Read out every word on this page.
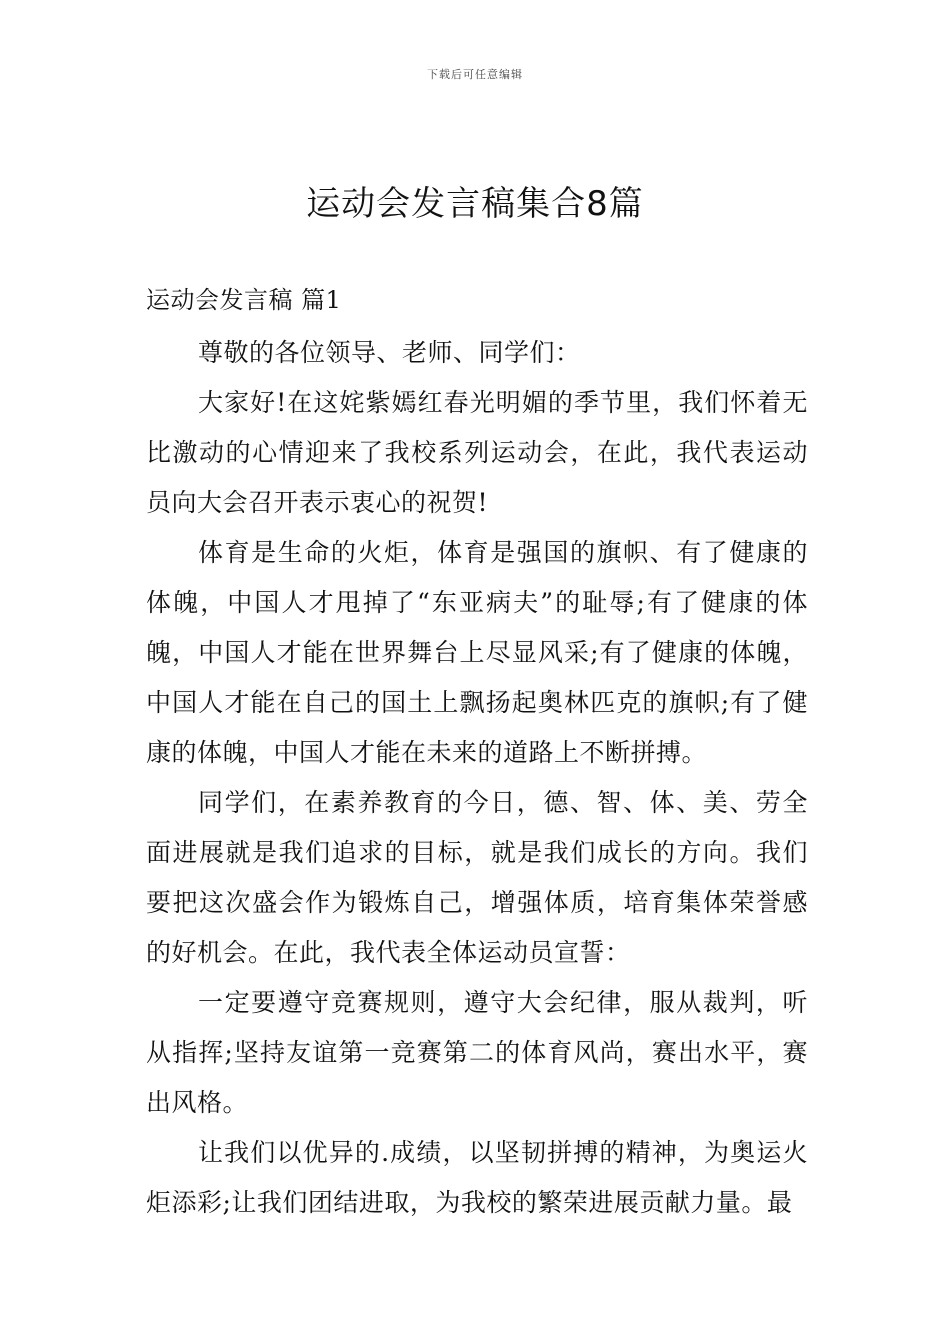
下载后可任意编辑
运动会发言稿集合8篇
运动会发言稿 篇1

尊敬的各位领导、老师、同学们：

大家好!在这姹紫嫣红春光明媚的季节里，我们怀着无比激动的心情迎来了我校系列运动会，在此，我代表运动员向大会召开表示衷心的祝贺!

体育是生命的火炬，体育是强国的旗帜、有了健康的体魄，中国人才甩掉了“东亚病夫”的耻辱;有了健康的体魄，中国人才能在世界舞台上尽显风采;有了健康的体魄，中国人才能在自己的国土上飘扬起奥林匹克的旗帜;有了健康的体魄，中国人才能在未来的道路上不断拼搏。

同学们，在素养教育的今日，德、智、体、美、劳全面进展就是我们追求的目标，就是我们成长的方向。我们要把这次盛会作为锻炼自己，增强体质，培育集体荣誉感的好机会。在此，我代表全体运动员宣誓：

一定要遵守竞赛规则，遵守大会纪律，服从裁判，听从指挥;坚持友谊第一竞赛第二的体育风尚，赛出水平，赛出风格。

让我们以优异的.成绩，以坚韧拼搏的精神，为奥运火炬添彩;让我们团结进取，为我校的繁荣进展贡献力量。最
